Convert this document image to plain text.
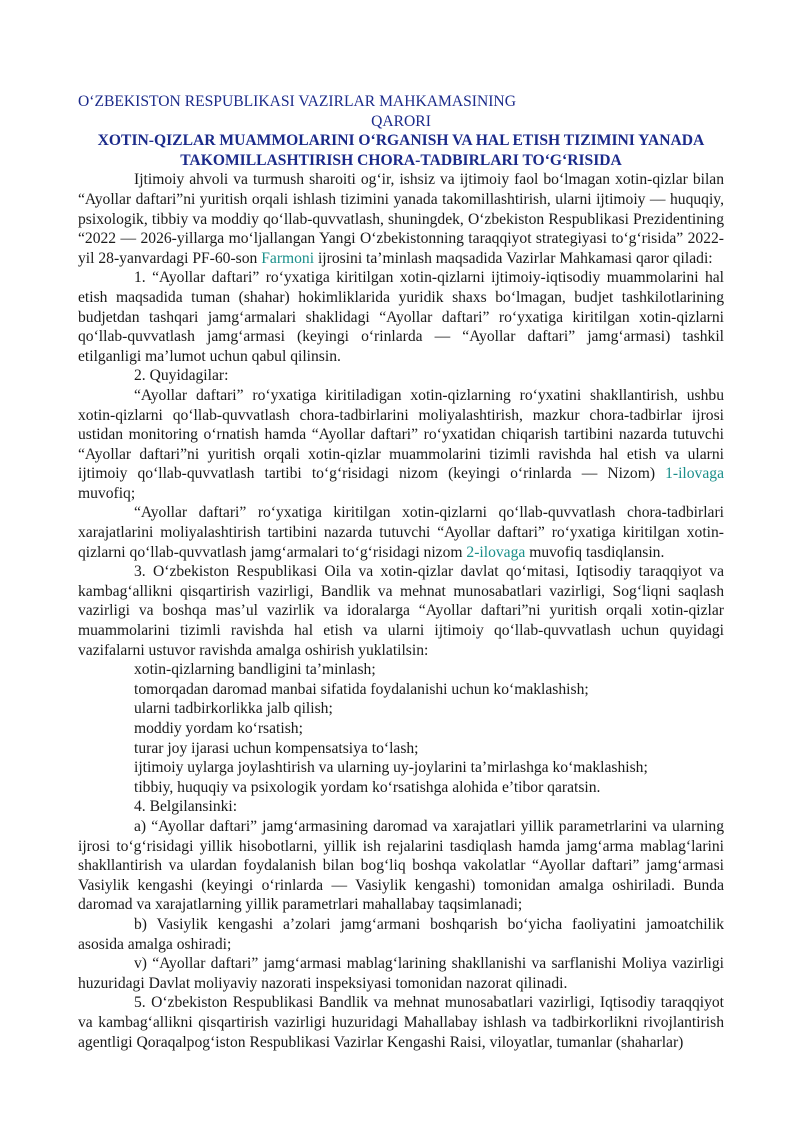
O‘ZBEKISTON RESPUBLIKASI VAZIRLAR MAHKAMASINING

QARORI

XOTIN-QIZLAR MUAMMOLARINI O‘RGANISH VA HAL ETISH TIZIMINI YANADA
TAKOMILLASHTIRISH CHORA-TADBIRLARI TO‘G‘RISIDA

Ijtimoiy ahvoli va turmush sharoiti og‘ir, ishsiz va ijtimoiy faol bo‘lmagan xotin-qizlar bilan “Ayollar daftari”ni yuritish orqali ishlash tizimini yanada takomillashtirish, ularni ijtimoiy — huquqiy, psixologik, tibbiy va moddiy qo‘llab-quvvatlash, shuningdek, O‘zbekiston Respublikasi Prezidentining “2022 — 2026-yillarga mo‘ljallangan Yangi O‘zbekistonning taraqqiyot strategiyasi to‘g‘risida” 2022-yil 28-yanvardagi PF-60-son Farmoni ijrosini ta’minlash maqsadida Vazirlar Mahkamasi qaror qiladi:

1. “Ayollar daftari” ro‘yxatiga kiritilgan xotin-qizlarni ijtimoiy-iqtisodiy muammolarini hal etish maqsadida tuman (shahar) hokimliklarida yuridik shaxs bo‘lmagan, budjet tashkilotlarining budjetdan tashqari jamg‘armalari shaklidagi “Ayollar daftari” ro‘yxatiga kiritilgan xotin-qizlarni qo‘llab-quvvatlash jamg‘armasi (keyingi o‘rinlarda — “Ayollar daftari” jamg‘armasi) tashkil etilganligi ma’lumot uchun qabul qilinsin.

2. Quyidagilar:

“Ayollar daftari” ro‘yxatiga kiritiladigan xotin-qizlarning ro‘yxatini shakllantirish, ushbu xotin-qizlarni qo‘llab-quvvatlash chora-tadbirlarini moliyalashtirish, mazkur chora-tadbirlar ijrosi ustidan monitoring o‘rnatish hamda “Ayollar daftari” ro‘yxatidan chiqarish tartibini nazarda tutuvchi “Ayollar daftari”ni yuritish orqali xotin-qizlar muammolarini tizimli ravishda hal etish va ularni ijtimoiy qo‘llab-quvvatlash tartibi to‘g‘risidagi nizom (keyingi o‘rinlarda — Nizom) 1-ilovaga muvofiq;

“Ayollar daftari” ro‘yxatiga kiritilgan xotin-qizlarni qo‘llab-quvvatlash chora-tadbirlari xarajatlarini moliyalashtirish tartibini nazarda tutuvchi “Ayollar daftari” ro‘yxatiga kiritilgan xotin-qizlarni qo‘llab-quvvatlash jamg‘armalari to‘g‘risidagi nizom 2-ilovaga muvofiq tasdiqlansin.

3. O‘zbekiston Respublikasi Oila va xotin-qizlar davlat qo‘mitasi, Iqtisodiy taraqqiyot va kambag‘allikni qisqartirish vazirligi, Bandlik va mehnat munosabatlari vazirligi, Sog‘liqni saqlash vazirligi va boshqa mas’ul vazirlik va idoralarga “Ayollar daftari”ni yuritish orqali xotin-qizlar muammolarini tizimli ravishda hal etish va ularni ijtimoiy qo‘llab-quvvatlash uchun quyidagi vazifalarni ustuvor ravishda amalga oshirish yuklatilsin:

xotin-qizlarning bandligini ta’minlash;

tomorqadan daromad manbai sifatida foydalanishi uchun ko‘maklashish;

ularni tadbirkorlikka jalb qilish;

moddiy yordam ko‘rsatish;

turar joy ijarasi uchun kompensatsiya to‘lash;

ijtimoiy uylarga joylashtirish va ularning uy-joylarini ta’mirlashga ko‘maklashish;

tibbiy, huquqiy va psixologik yordam ko‘rsatishga alohida e’tibor qaratsin.

4. Belgilansinki:

a) “Ayollar daftari” jamg‘armasining daromad va xarajatlari yillik parametrlarini va ularning ijrosi to‘g‘risidagi yillik hisobotlarni, yillik ish rejalarini tasdiqlash hamda jamg‘arma mablag‘larini shakllantirish va ulardan foydalanish bilan bog‘liq boshqa vakolatlar “Ayollar daftari” jamg‘armasi Vasiylik kengashi (keyingi o‘rinlarda — Vasiylik kengashi) tomonidan amalga oshiriladi. Bunda daromad va xarajatlarning yillik parametrlari mahallabay taqsimlanadi;

b) Vasiylik kengashi a’zolari jamg‘armani boshqarish bo‘yicha faoliyatini jamoatchilik asosida amalga oshiradi;

v) “Ayollar daftari” jamg‘armasi mablag‘larining shakllanishi va sarflanishi Moliya vazirligi huzuridagi Davlat moliyaviy nazorati inspeksiyasi tomonidan nazorat qilinadi.

5. O‘zbekiston Respublikasi Bandlik va mehnat munosabatlari vazirligi, Iqtisodiy taraqqiyot va kambag‘allikni qisqartirish vazirligi huzuridagi Mahallabay ishlash va tadbirkorlikni rivojlantirish agentligi Qoraqalpog‘iston Respublikasi Vazirlar Kengashi Raisi, viloyatlar, tumanlar (shaharlar)
